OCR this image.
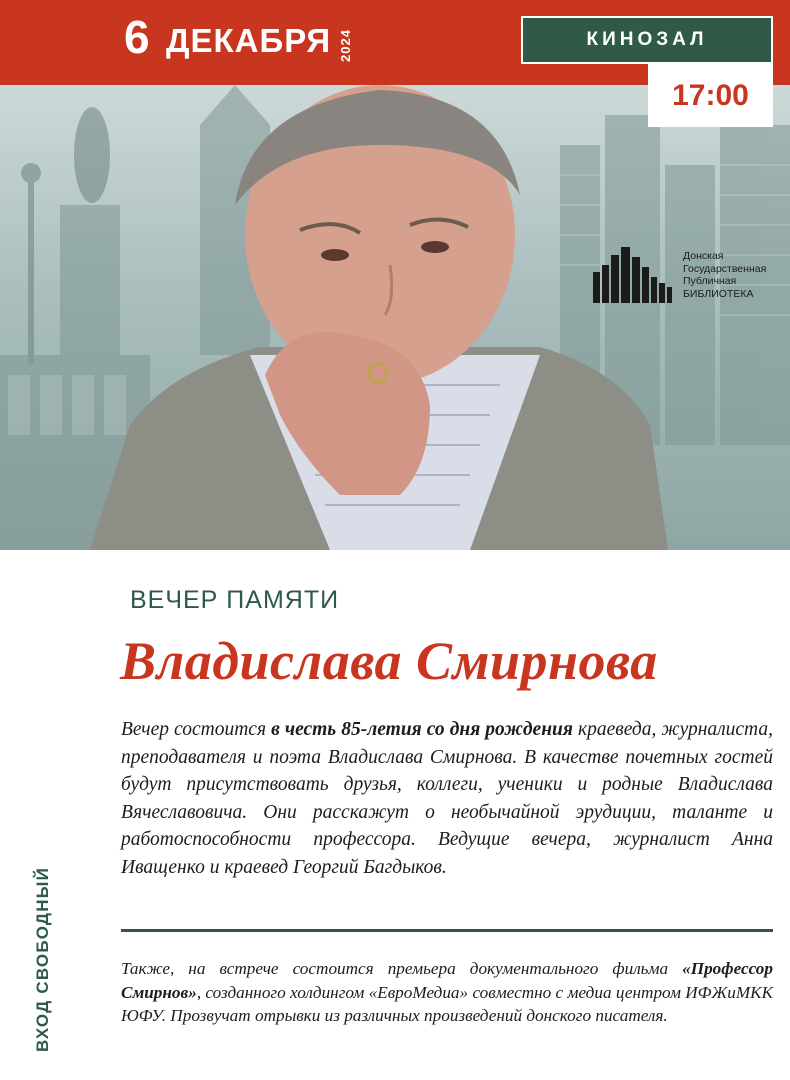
6 ДЕКАБРЯ 2024
Донская
Государственная
Публичная
БИБЛИОТЕКА
КИНОЗАЛ
17:00
ВХОД СВОБОДНЫЙ
ВЕЧЕР ПАМЯТИ
Владислава Смирнова

Вечер состоится в честь 85-летия со дня рождения краеведа, журналиста, преподавателя и поэта Владислава Смирнова. В качестве почетных гостей будут присутствовать друзья, коллеги, ученики и родные Владислава Вячеславовича. Они расскажут о необычайной эрудиции, таланте и работоспособности профессора. Ведущие вечера, журналист Анна Иващенко и краевед Георгий Багдыков.

Также, на встрече состоится премьера документального фильма «Профессор Смирнов», созданного холдингом «ЕвроМедиа» совместно с медиа центром ИФЖиМКК ЮФУ. Прозвучат отрывки из различных произведений донского писателя.
